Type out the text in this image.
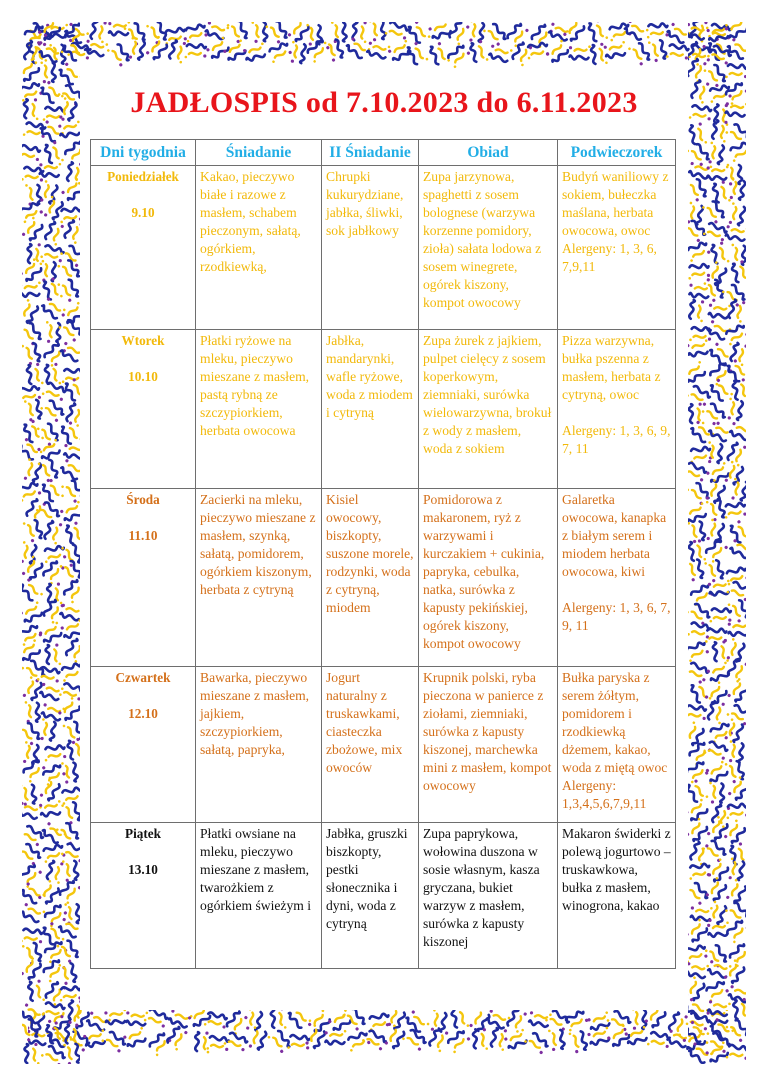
JADŁOSPIS od 7.10.2023 do 6.11.2023
Dni tygodnia	Śniadanie	II Śniadanie	Obiad	Podwieczorek

Poniedziałek
9.10	Kakao, pieczywo białe i razowe z masłem, schabem pieczonym, sałatą, ogórkiem, rzodkiewką,	Chrupki kukurydziane, jabłka, śliwki, sok jabłkowy	Zupa jarzynowa, spaghetti z sosem bolognese (warzywa korzenne pomidory, zioła) sałata lodowa z sosem winegrete, ogórek kiszony, kompot owocowy	Budyń waniliowy z sokiem, bułeczka maślana, herbata owocowa, owoc
Alergeny: 1, 3, 6, 7,9,11

Wtorek
10.10	Płatki ryżowe na mleku, pieczywo mieszane z masłem, pastą rybną ze szczypiorkiem, herbata owocowa	Jabłka, mandarynki, wafle ryżowe, woda z miodem i cytryną	Zupa żurek z jajkiem, pulpet cielęcy z sosem koperkowym, ziemniaki, surówka wielowarzywna, brokuł z wody z masłem, woda z sokiem	Pizza warzywna, bułka pszenna z masłem, herbata z cytryną, owoc
Alergeny: 1, 3, 6, 9, 7, 11

Środa
11.10	Zacierki na mleku, pieczywo mieszane z masłem, szynką, sałatą, pomidorem, ogórkiem kiszonym, herbata z cytryną	Kisiel owocowy, biszkopty, suszone morele, rodzynki, woda z cytryną, miodem	Pomidorowa z makaronem, ryż z warzywami i kurczakiem + cukinia, papryka, cebulka, natka, surówka z kapusty pekińskiej, ogórek kiszony, kompot owocowy	Galaretka owocowa, kanapka z białym serem i miodem herbata owocowa, kiwi
Alergeny: 1, 3, 6, 7, 9, 11

Czwartek
12.10	Bawarka, pieczywo mieszane z masłem, jajkiem, szczypiorkiem, sałatą, papryka,	Jogurt naturalny z truskawkami, ciasteczka zbożowe, mix owoców	Krupnik polski, ryba pieczona w panierce z ziołami, ziemniaki, surówka z kapusty kiszonej, marchewka mini z masłem, kompot owocowy	Bułka paryska z serem żółtym, pomidorem i rzodkiewką dżemem, kakao, woda z miętą owoc
Alergeny: 1,3,4,5,6,7,9,11

Piątek
13.10	Płatki owsiane na mleku, pieczywo mieszane z masłem, twarożkiem z ogórkiem świeżym i	Jabłka, gruszki biszkopty, pestki słonecznika i dyni, woda z cytryną	Zupa paprykowa, wołowina duszona w sosie własnym, kasza gryczana, bukiet warzyw z masłem, surówka z kapusty kiszonej	Makaron świderki z polewą jogurtowo – truskawkowa, bułka z masłem, winogrona, kakao
